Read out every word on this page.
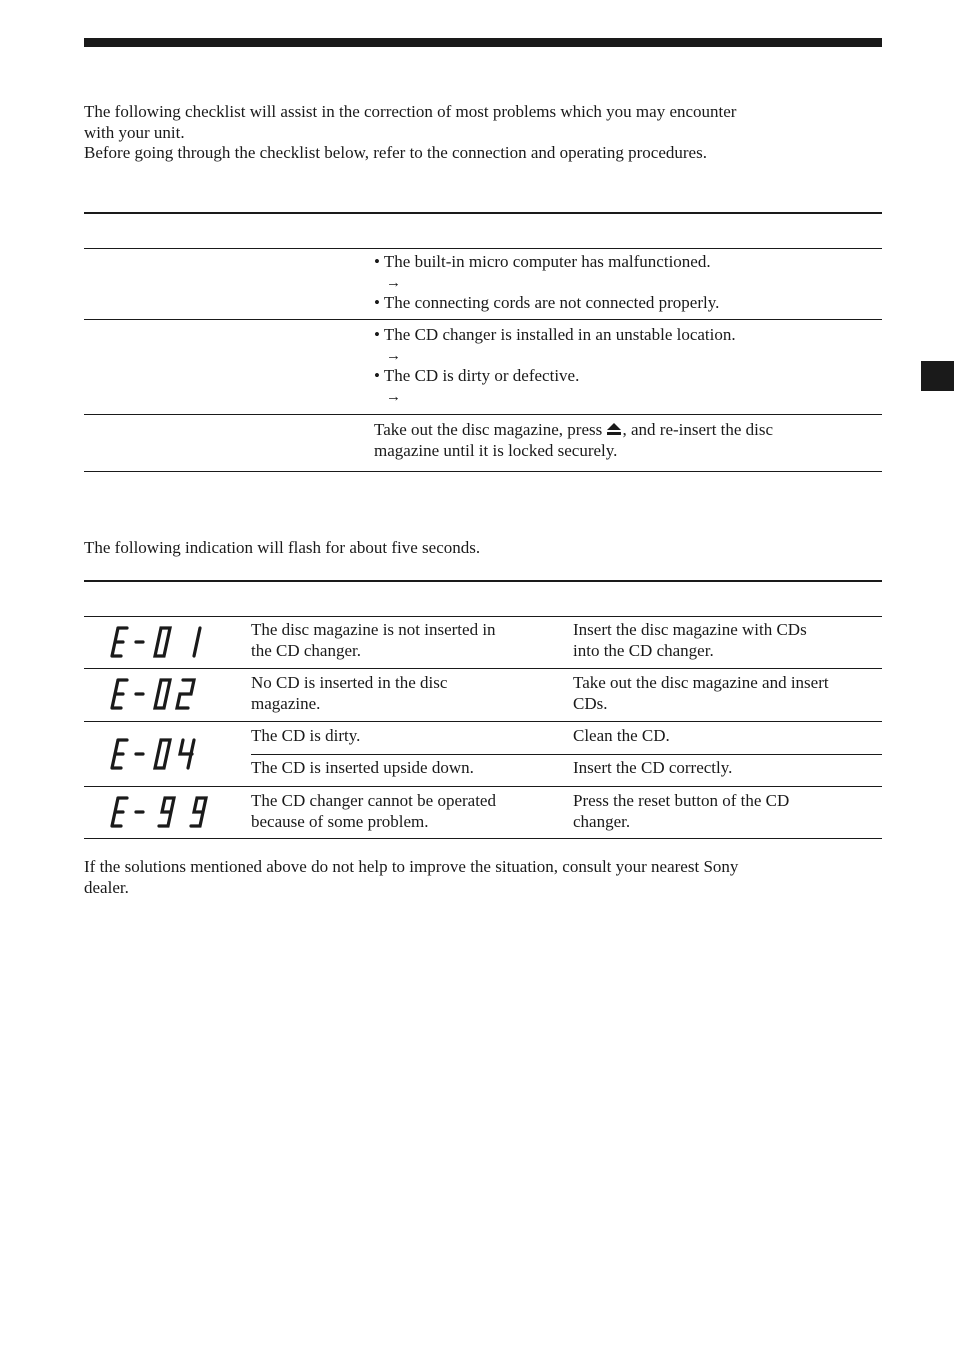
The following checklist will assist in the correction of most problems which you may encounter

with your unit.

Before going through the checklist below, refer to the connection and operating procedures.

• The built-in micro computer has malfunctioned.

→

• The connecting cords are not connected properly.

• The CD changer is installed in an unstable location.

→

• The CD is dirty or defective.

→

Take out the disc magazine, press , and re-insert the disc

magazine until it is locked securely.

The following indication will flash for about five seconds.

The disc magazine is not inserted in

the CD changer.

Insert the disc magazine with CDs

into the CD changer.

No CD is inserted in the disc

magazine.

Take out the disc magazine and insert

CDs.

The CD is dirty.	Clean the CD.

The CD is inserted upside down.	Insert the CD correctly.

The CD changer cannot be operated

because of some problem.

Press the reset button of the CD

changer.

If the solutions mentioned above do not help to improve the situation, consult your nearest Sony

dealer.
